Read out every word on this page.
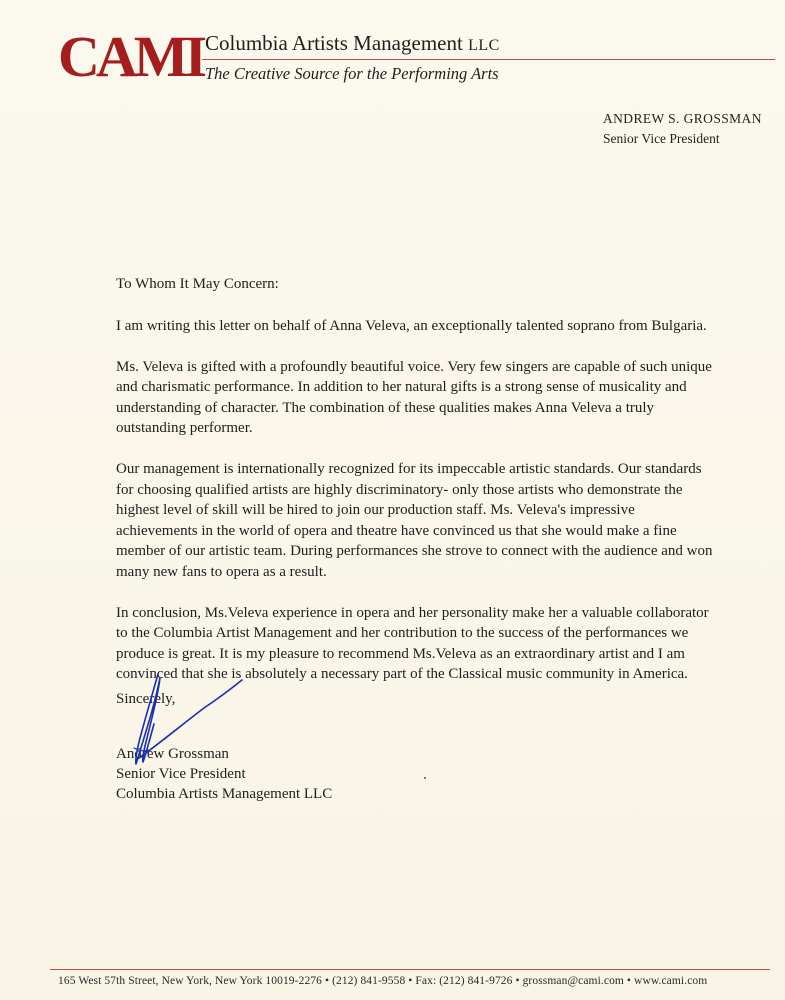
CAMI Columbia Artists Management LLC
The Creative Source for the Performing Arts
ANDREW S. GROSSMAN
Senior Vice President

To Whom It May Concern:

I am writing this letter on behalf of Anna Veleva, an exceptionally talented soprano from Bulgaria.

Ms. Veleva is gifted with a profoundly beautiful voice. Very few singers are capable of such unique and charismatic performance. In addition to her natural gifts is a strong sense of musicality and understanding of character. The combination of these qualities makes Anna Veleva a truly outstanding performer.

Our management is internationally recognized for its impeccable artistic standards. Our standards for choosing qualified artists are highly discriminatory- only those artists who demonstrate the highest level of skill will be hired to join our production staff. Ms. Veleva's impressive achievements in the world of opera and theatre have convinced us that she would make a fine member of our artistic team. During performances she strove to connect with the audience and won many new fans to opera as a result.

In conclusion, Ms.Veleva experience in opera and her personality make her a valuable collaborator to the Columbia Artist Management and her contribution to the success of the performances we produce is great. It is my pleasure to recommend Ms.Veleva as an extraordinary artist and I am convinced that she is absolutely a necessary part of the Classical music community in America.

Sincerely,
Andrew Grossman
Senior Vice President
Columbia Artists Management LLC
165 West 57th Street, New York, New York 10019-2276 • (212) 841-9558 • Fax: (212) 841-9726 • grossman@cami.com • www.cami.com
